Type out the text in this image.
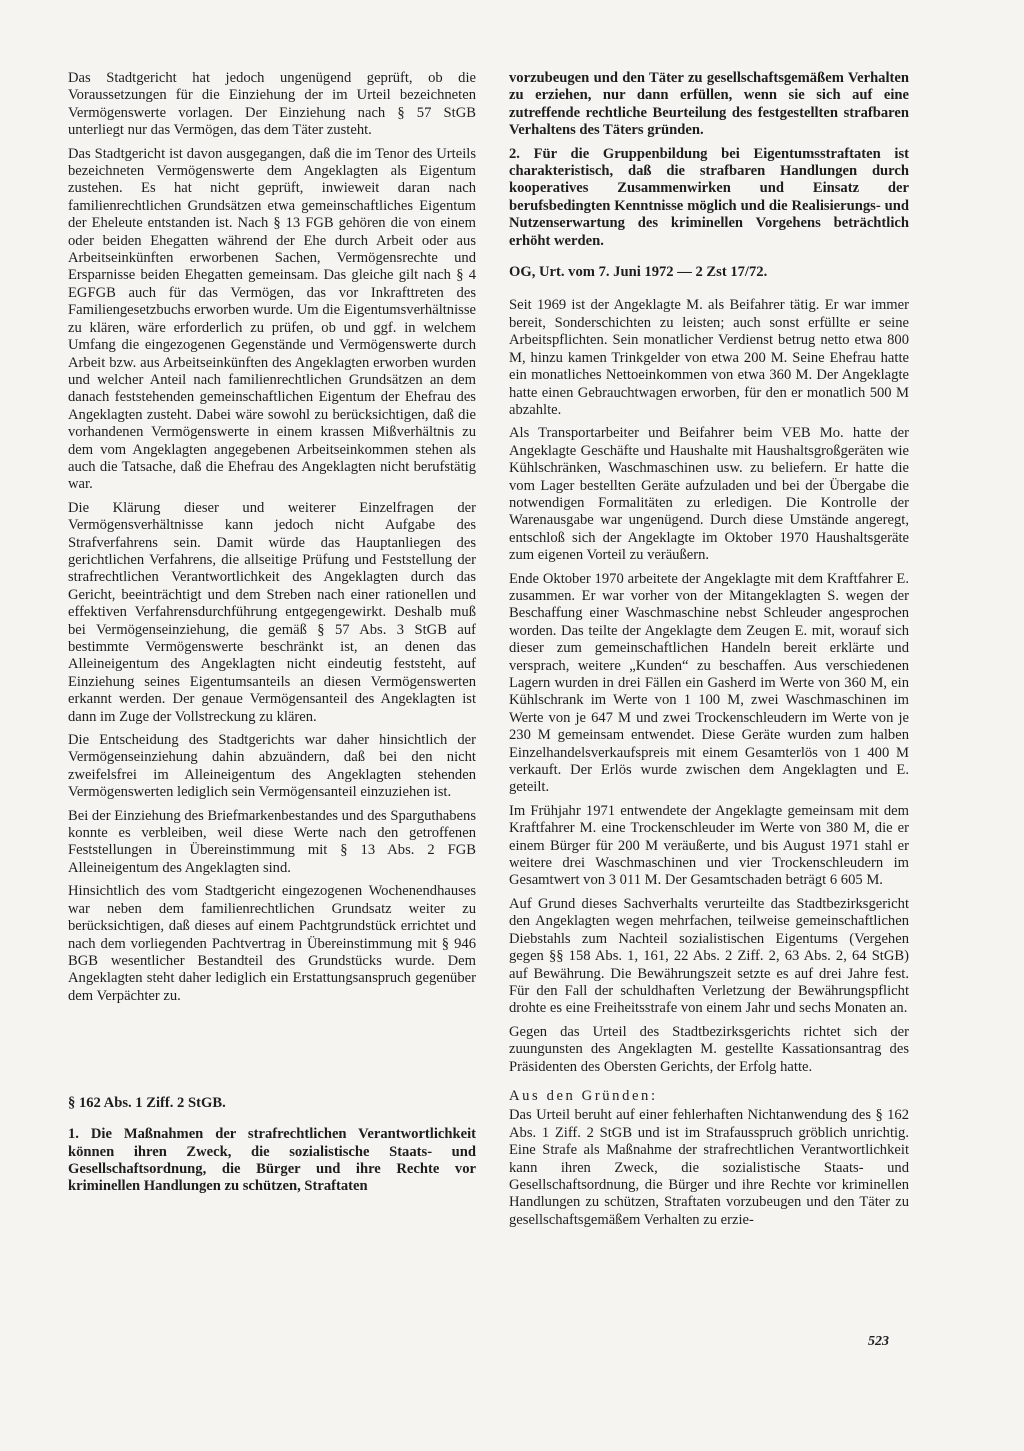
Das Stadtgericht hat jedoch ungenügend geprüft, ob die Voraussetzungen für die Einziehung der im Urteil bezeichneten Vermögenswerte vorlagen. Der Einziehung nach § 57 StGB unterliegt nur das Vermögen, das dem Täter zusteht.

Das Stadtgericht ist davon ausgegangen, daß die im Tenor des Urteils bezeichneten Vermögenswerte dem Angeklagten als Eigentum zustehen. Es hat nicht geprüft, inwieweit daran nach familienrechtlichen Grundsätzen etwa gemeinschaftliches Eigentum der Eheleute entstanden ist. Nach § 13 FGB gehören die von einem oder beiden Ehegatten während der Ehe durch Arbeit oder aus Arbeitseinkünften erworbenen Sachen, Vermögensrechte und Ersparnisse beiden Ehegatten gemeinsam. Das gleiche gilt nach § 4 EGFGB auch für das Vermögen, das vor Inkrafttreten des Familiengesetzbuchs erworben wurde. Um die Eigentumsverhältnisse zu klären, wäre erforderlich zu prüfen, ob und ggf. in welchem Umfang die eingezogenen Gegenstände und Vermögenswerte durch Arbeit bzw. aus Arbeitseinkünften des Angeklagten erworben wurden und welcher Anteil nach familienrechtlichen Grundsätzen an dem danach feststehenden gemeinschaftlichen Eigentum der Ehefrau des Angeklagten zusteht. Dabei wäre sowohl zu berücksichtigen, daß die vorhandenen Vermögenswerte in einem krassen Mißverhältnis zu dem vom Angeklagten angegebenen Arbeitseinkommen stehen als auch die Tatsache, daß die Ehefrau des Angeklagten nicht berufstätig war.

Die Klärung dieser und weiterer Einzelfragen der Vermögensverhältnisse kann jedoch nicht Aufgabe des Strafverfahrens sein. Damit würde das Hauptanliegen des gerichtlichen Verfahrens, die allseitige Prüfung und Feststellung der strafrechtlichen Verantwortlichkeit des Angeklagten durch das Gericht, beeinträchtigt und dem Streben nach einer rationellen und effektiven Verfahrensdurchführung entgegengewirkt. Deshalb muß bei Vermögenseinziehung, die gemäß § 57 Abs. 3 StGB auf bestimmte Vermögenswerte beschränkt ist, an denen das Alleineigentum des Angeklagten nicht eindeutig feststeht, auf Einziehung seines Eigentumsanteils an diesen Vermögenswerten erkannt werden. Der genaue Vermögensanteil des Angeklagten ist dann im Zuge der Vollstreckung zu klären.

Die Entscheidung des Stadtgerichts war daher hinsichtlich der Vermögenseinziehung dahin abzuändern, daß bei den nicht zweifelsfrei im Alleineigentum des Angeklagten stehenden Vermögenswerten lediglich sein Vermögensanteil einzuziehen ist.

Bei der Einziehung des Briefmarkenbestandes und des Sparguthabens konnte es verbleiben, weil diese Werte nach den getroffenen Feststellungen in Übereinstimmung mit § 13 Abs. 2 FGB Alleineigentum des Angeklagten sind.

Hinsichtlich des vom Stadtgericht eingezogenen Wochenendhauses war neben dem familienrechtlichen Grundsatz weiter zu berücksichtigen, daß dieses auf einem Pachtgrundstück errichtet und nach dem vorliegenden Pachtvertrag in Übereinstimmung mit § 946 BGB wesentlicher Bestandteil des Grundstücks wurde. Dem Angeklagten steht daher lediglich ein Erstattungsanspruch gegenüber dem Verpächter zu.

§ 162 Abs. 1 Ziff. 2 StGB.

1. Die Maßnahmen der strafrechtlichen Verantwortlichkeit können ihren Zweck, die sozialistische Staats- und Gesellschaftsordnung, die Bürger und ihre Rechte vor kriminellen Handlungen zu schützen, Straftaten

vorzubeugen und den Täter zu gesellschaftsgemäßem Verhalten zu erziehen, nur dann erfüllen, wenn sie sich auf eine zutreffende rechtliche Beurteilung des festgestellten strafbaren Verhaltens des Täters gründen.

2. Für die Gruppenbildung bei Eigentumsstraftaten ist charakteristisch, daß die strafbaren Handlungen durch kooperatives Zusammenwirken und Einsatz der berufsbedingten Kenntnisse möglich und die Realisierungs- und Nutzenserwartung des kriminellen Vorgehens beträchtlich erhöht werden.

OG, Urt. vom 7. Juni 1972 — 2 Zst 17/72.

Seit 1969 ist der Angeklagte M. als Beifahrer tätig. Er war immer bereit, Sonderschichten zu leisten; auch sonst erfüllte er seine Arbeitspflichten. Sein monatlicher Verdienst betrug netto etwa 800 M, hinzu kamen Trinkgelder von etwa 200 M. Seine Ehefrau hatte ein monatliches Nettoeinkommen von etwa 360 M. Der Angeklagte hatte einen Gebrauchtwagen erworben, für den er monatlich 500 M abzahlte.

Als Transportarbeiter und Beifahrer beim VEB Mo. hatte der Angeklagte Geschäfte und Haushalte mit Haushaltsgroßgeräten wie Kühlschränken, Waschmaschinen usw. zu beliefern. Er hatte die vom Lager bestellten Geräte aufzuladen und bei der Übergabe die notwendigen Formalitäten zu erledigen. Die Kontrolle der Warenausgabe war ungenügend. Durch diese Umstände angeregt, entschloß sich der Angeklagte im Oktober 1970 Haushaltsgeräte zum eigenen Vorteil zu veräußern.

Ende Oktober 1970 arbeitete der Angeklagte mit dem Kraftfahrer E. zusammen. Er war vorher von der Mitangeklagten S. wegen der Beschaffung einer Waschmaschine nebst Schleuder angesprochen worden. Das teilte der Angeklagte dem Zeugen E. mit, worauf sich dieser zum gemeinschaftlichen Handeln bereit erklärte und versprach, weitere „Kunden“ zu beschaffen. Aus verschiedenen Lagern wurden in drei Fällen ein Gasherd im Werte von 360 M, ein Kühlschrank im Werte von 1 100 M, zwei Waschmaschinen im Werte von je 647 M und zwei Trockenschleudern im Werte von je 230 M gemeinsam entwendet. Diese Geräte wurden zum halben Einzelhandelsverkaufspreis mit einem Gesamterlös von 1 400 M verkauft. Der Erlös wurde zwischen dem Angeklagten und E. geteilt.

Im Frühjahr 1971 entwendete der Angeklagte gemeinsam mit dem Kraftfahrer M. eine Trockenschleuder im Werte von 380 M, die er einem Bürger für 200 M veräußerte, und bis August 1971 stahl er weitere drei Waschmaschinen und vier Trockenschleudern im Gesamtwert von 3 011 M. Der Gesamtschaden beträgt 6 605 M.

Auf Grund dieses Sachverhalts verurteilte das Stadtbezirksgericht den Angeklagten wegen mehrfachen, teilweise gemeinschaftlichen Diebstahls zum Nachteil sozialistischen Eigentums (Vergehen gegen §§ 158 Abs. 1, 161, 22 Abs. 2 Ziff. 2, 63 Abs. 2, 64 StGB) auf Bewährung. Die Bewährungszeit setzte es auf drei Jahre fest. Für den Fall der schuldhaften Verletzung der Bewährungspflicht drohte es eine Freiheitsstrafe von einem Jahr und sechs Monaten an.

Gegen das Urteil des Stadtbezirksgerichts richtet sich der zuungunsten des Angeklagten M. gestellte Kassationsantrag des Präsidenten des Obersten Gerichts, der Erfolg hatte.

Aus den Gründen:

Das Urteil beruht auf einer fehlerhaften Nichtanwendung des § 162 Abs. 1 Ziff. 2 StGB und ist im Strafausspruch gröblich unrichtig. Eine Strafe als Maßnahme der strafrechtlichen Verantwortlichkeit kann ihren Zweck, die sozialistische Staats- und Gesellschaftsordnung, die Bürger und ihre Rechte vor kriminellen Handlungen zu schützen, Straftaten vorzubeugen und den Täter zu gesellschaftsgemäßem Verhalten zu erzie-

523
